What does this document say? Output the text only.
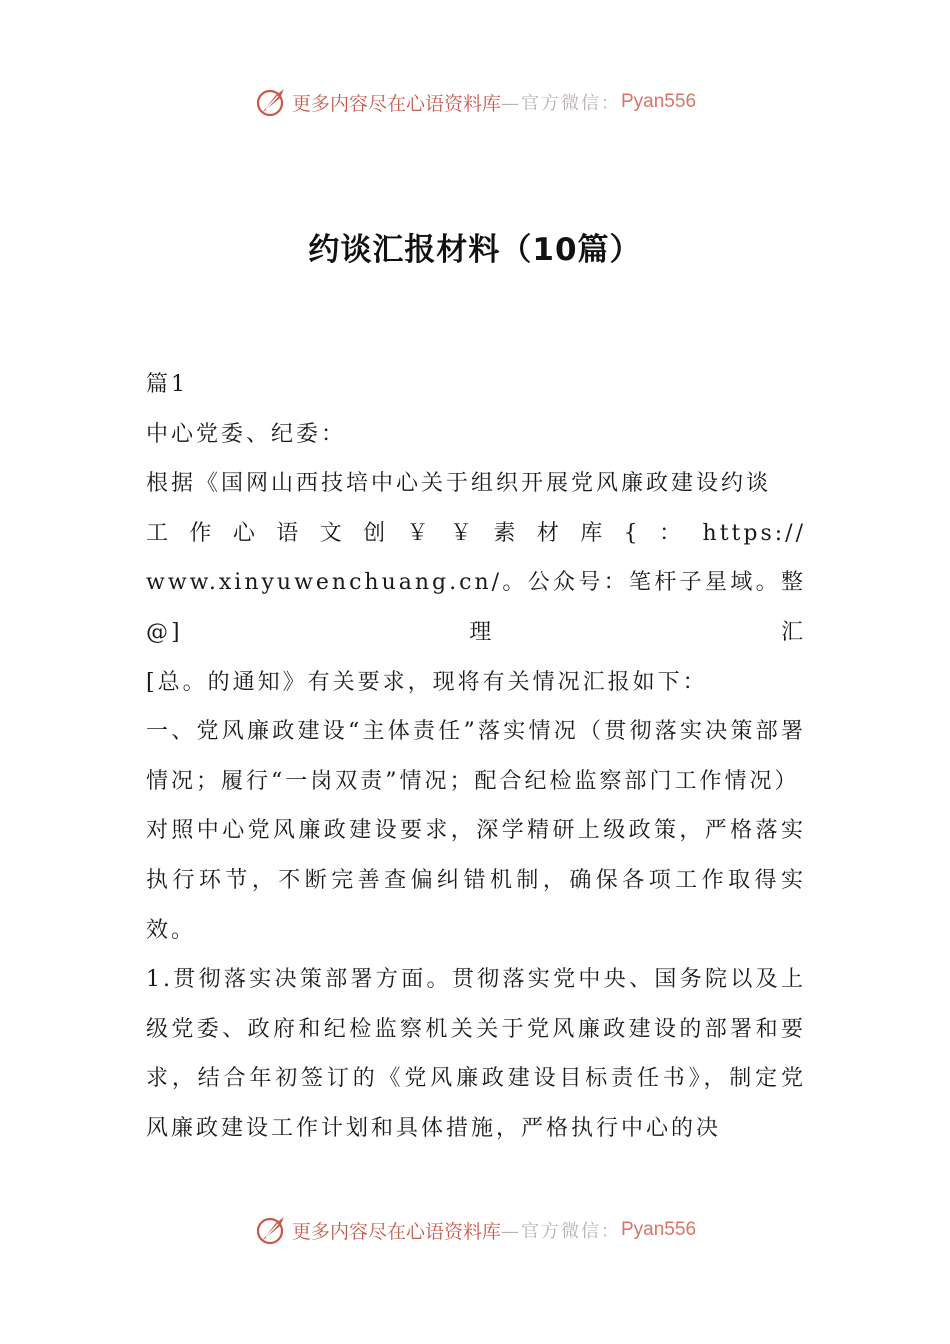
更多内容尽在心语资料库 —官方微信： Pyan556
约谈汇报材料（10篇）

篇1

中心党委、纪委：

根据《国网山西技培中心关于组织开展党风廉政建设约谈

工作心语文创￥￥素材库{：https://

www.xinyuwenchuang.cn/。公众号：笔杆子星域。整@]理汇

[总。的通知》有关要求，现将有关情况汇报如下：

一、党风廉政建设“主体责任”落实情况（贯彻落实决策部署情况；履行“一岗双责”情况；配合纪检监察部门工作情况）

对照中心党风廉政建设要求，深学精研上级政策，严格落实执行环节，不断完善查偏纠错机制，确保各项工作取得实效。

1.贯彻落实决策部署方面。贯彻落实党中央、国务院以及上级党委、政府和纪检监察机关关于党风廉政建设的部署和要求，结合年初签订的《党风廉政建设目标责任书》，制定党风廉政建设工作计划和具体措施，严格执行中心的决

更多内容尽在心语资料库 —官方微信： Pyan556
